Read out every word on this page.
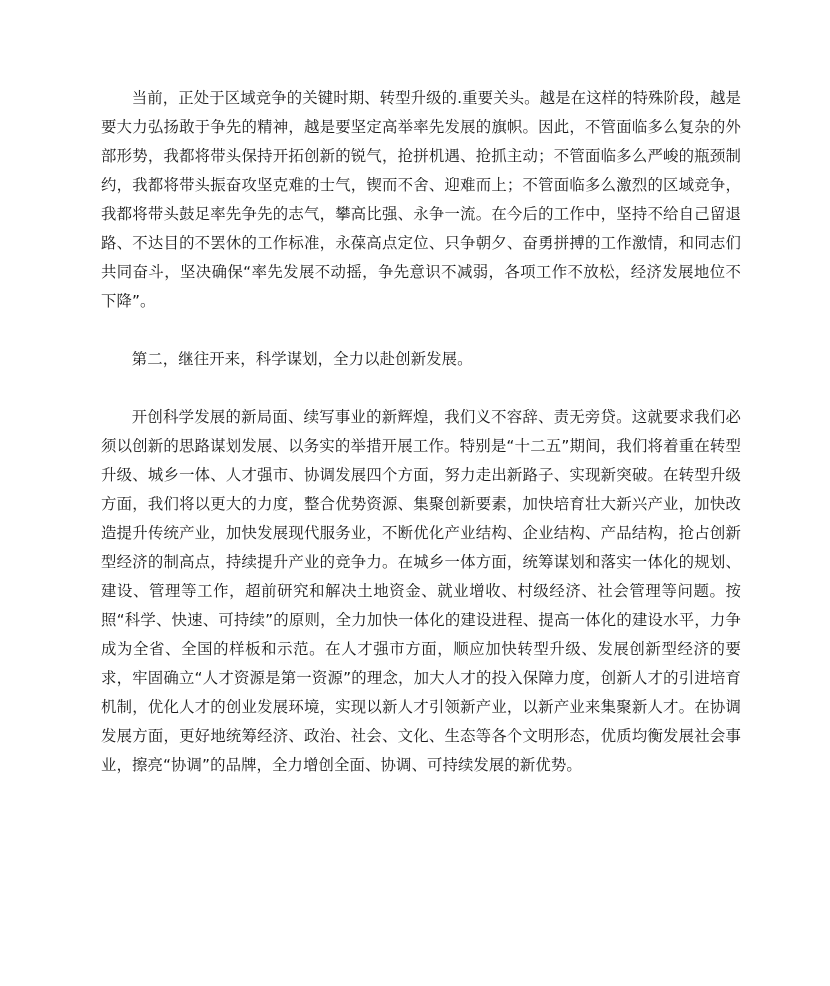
当前，正处于区域竞争的关键时期、转型升级的.重要关头。越是在这样的特殊阶段，越是要大力弘扬敢于争先的精神，越是要坚定高举率先发展的旗帜。因此，不管面临多么复杂的外部形势，我都将带头保持开拓创新的锐气，抢拼机遇、抢抓主动；不管面临多么严峻的瓶颈制约，我都将带头振奋攻坚克难的士气，锲而不舍、迎难而上；不管面临多么激烈的区域竞争，我都将带头鼓足率先争先的志气，攀高比强、永争一流。在今后的工作中，坚持不给自己留退路、不达目的不罢休的工作标准，永葆高点定位、只争朝夕、奋勇拼搏的工作激情，和同志们共同奋斗，坚决确保“率先发展不动摇，争先意识不减弱，各项工作不放松，经济发展地位不下降”。

第二，继往开来，科学谋划，全力以赴创新发展。

开创科学发展的新局面、续写事业的新辉煌，我们义不容辞、责无旁贷。这就要求我们必须以创新的思路谋划发展、以务实的举措开展工作。特别是“十二五”期间，我们将着重在转型升级、城乡一体、人才强市、协调发展四个方面，努力走出新路子、实现新突破。在转型升级方面，我们将以更大的力度，整合优势资源、集聚创新要素，加快培育壮大新兴产业，加快改造提升传统产业，加快发展现代服务业，不断优化产业结构、企业结构、产品结构，抢占创新型经济的制高点，持续提升产业的竞争力。在城乡一体方面，统筹谋划和落实一体化的规划、建设、管理等工作，超前研究和解决土地资金、就业增收、村级经济、社会管理等问题。按照“科学、快速、可持续”的原则，全力加快一体化的建设进程、提高一体化的建设水平，力争成为全省、全国的样板和示范。在人才强市方面，顺应加快转型升级、发展创新型经济的要求，牢固确立“人才资源是第一资源”的理念，加大人才的投入保障力度，创新人才的引进培育机制，优化人才的创业发展环境，实现以新人才引领新产业，以新产业来集聚新人才。在协调发展方面，更好地统筹经济、政治、社会、文化、生态等各个文明形态，优质均衡发展社会事业，擦亮“协调”的品牌，全力增创全面、协调、可持续发展的新优势。
